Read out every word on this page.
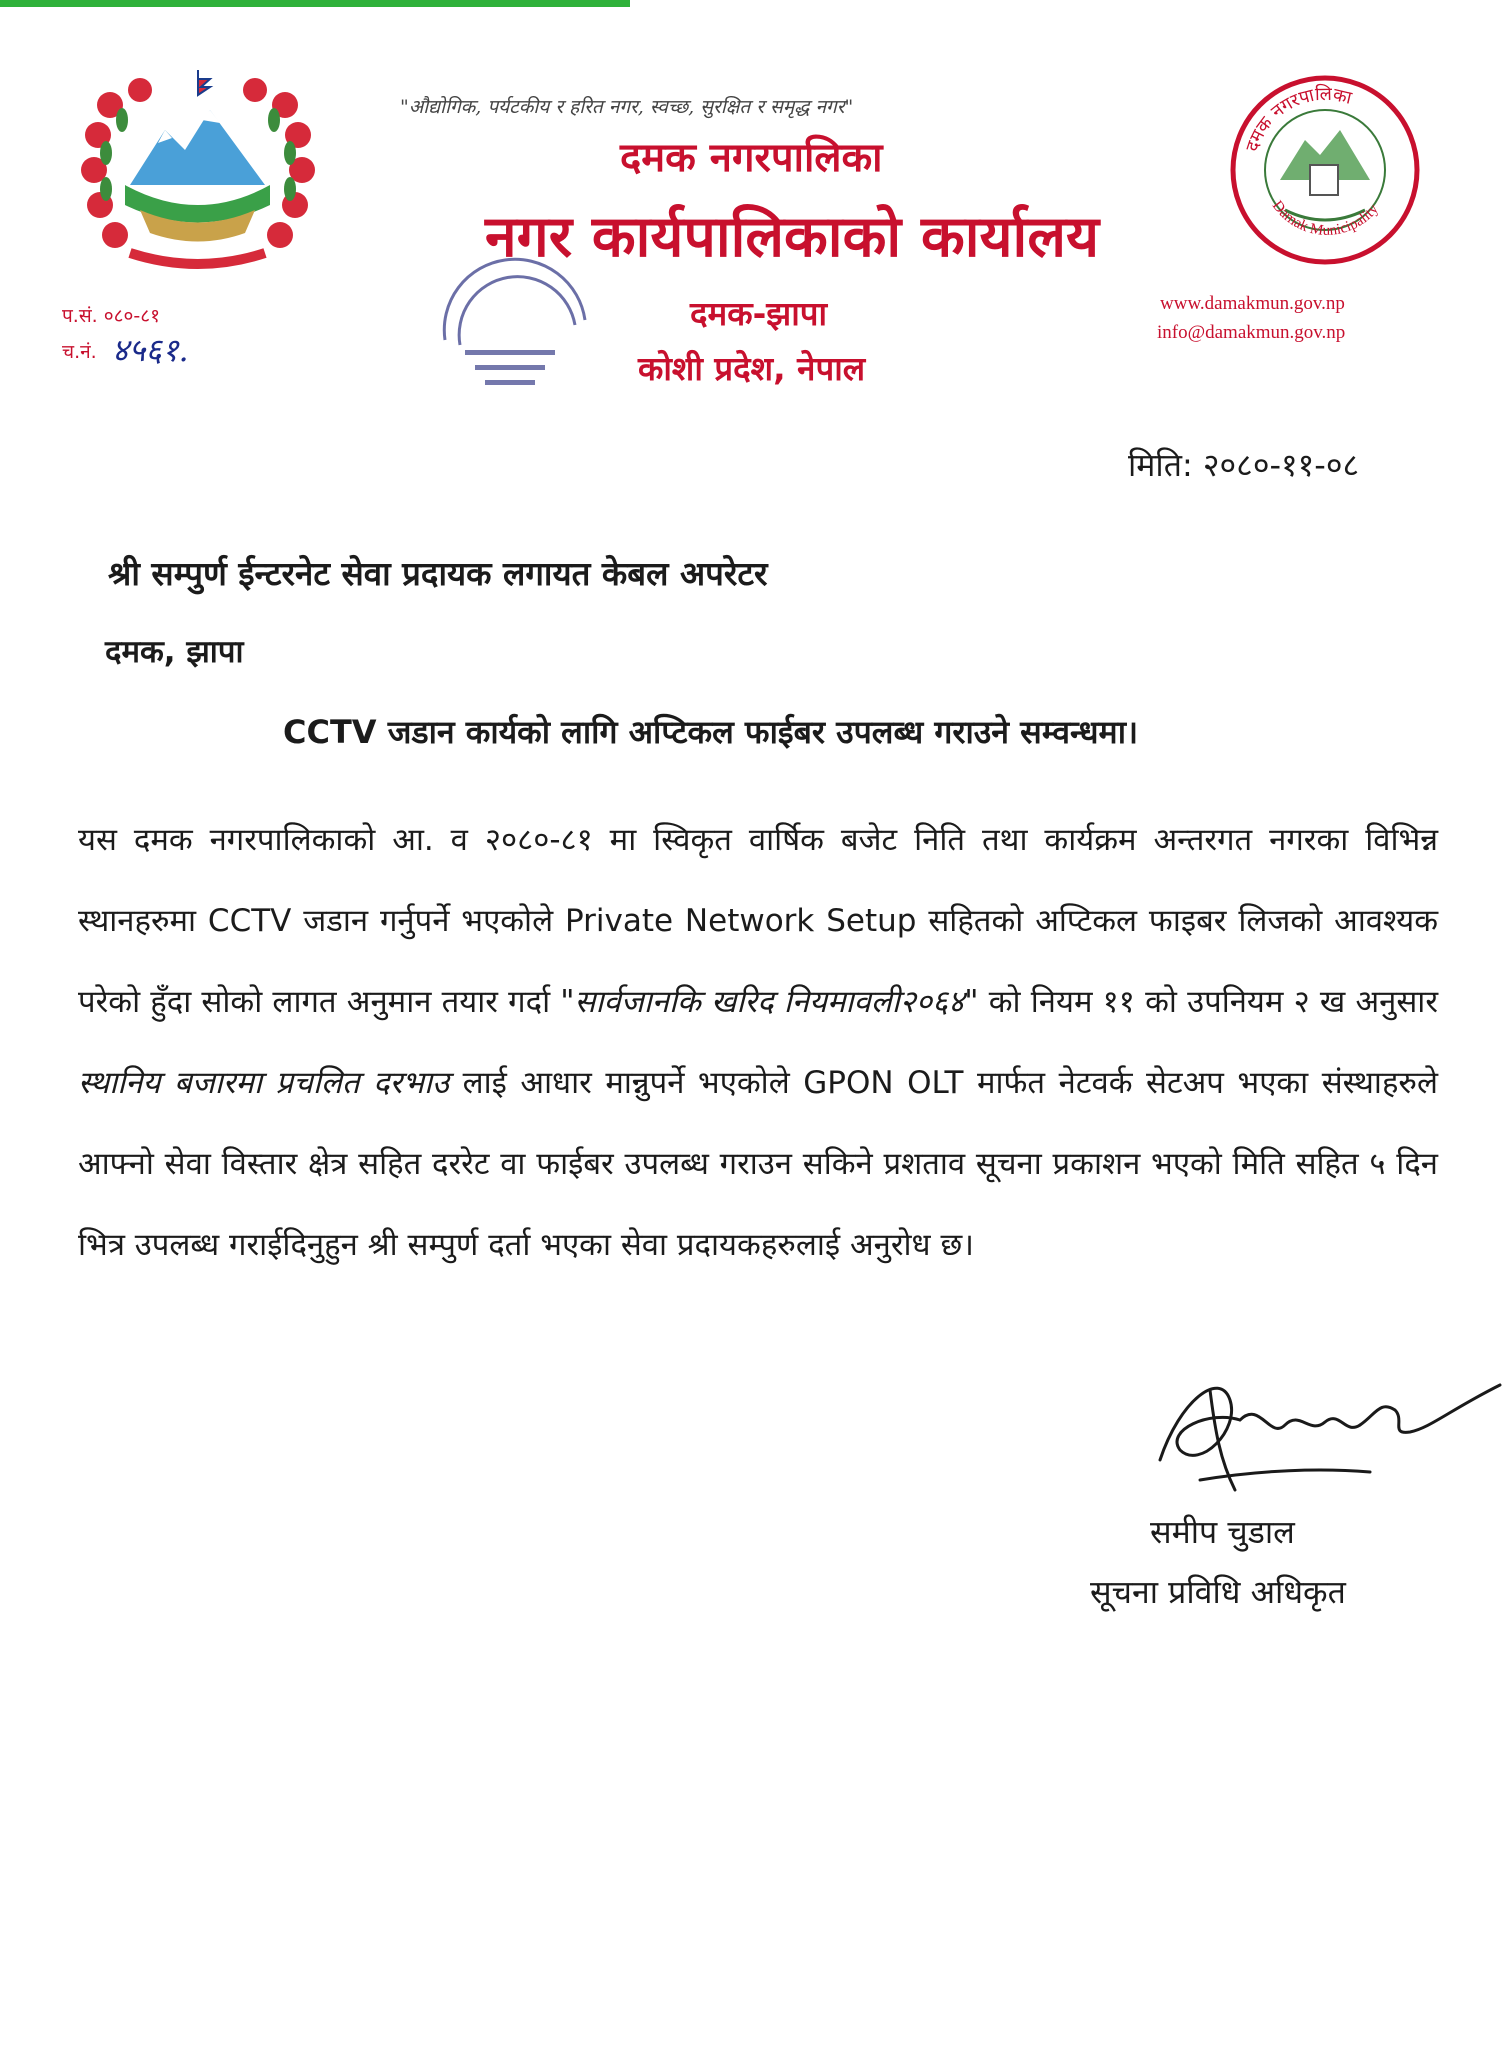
"औद्योगिक, पर्यटकीय र हरित नगर, स्वच्छ, सुरक्षित र समृद्ध नगर"
दमक नगरपालिका
नगर कार्यपालिकाको कार्यालय
दमक-झापा
कोशी प्रदेश, नेपाल
प.सं. ०८०-८१
च.नं. ४५६१.
दमक नगरपालिका
Damak Municipality
www.damakmun.gov.np
info@damakmun.gov.np
मिति: २०८०-११-०८
श्री सम्पुर्ण ईन्टरनेट सेवा प्रदायक लगायत केबल अपरेटर
दमक, झापा
CCTV जडान कार्यको लागि अप्टिकल फाईबर उपलब्ध गराउने सम्वन्धमा।
यस दमक नगरपालिकाको आ. व २०८०-८१ मा स्विकृत वार्षिक बजेट निति तथा कार्यक्रम अन्तरगत नगरका विभिन्न स्थानहरुमा CCTV जडान गर्नुपर्ने भएकोले Private Network Setup सहितको अप्टिकल फाइबर लिजको आवश्यक परेको हुँदा सोको लागत अनुमान तयार गर्दा "सार्वजानकि खरिद नियमावली२०६४" को नियम ११ को उपनियम २ ख अनुसार स्थानिय बजारमा प्रचलित दरभाउ लाई आधार मान्नुपर्ने भएकोले GPON OLT मार्फत नेटवर्क सेटअप भएका संस्थाहरुले आफ्नो सेवा विस्तार क्षेत्र सहित दररेट वा फाईबर उपलब्ध गराउन सकिने प्रशताव सूचना प्रकाशन भएको मिति सहित ५ दिन भित्र उपलब्ध गराईदिनुहुन श्री सम्पुर्ण दर्ता भएका सेवा प्रदायकहरुलाई अनुरोध छ।
समीप चुडाल
सूचना प्रविधि अधिकृत
